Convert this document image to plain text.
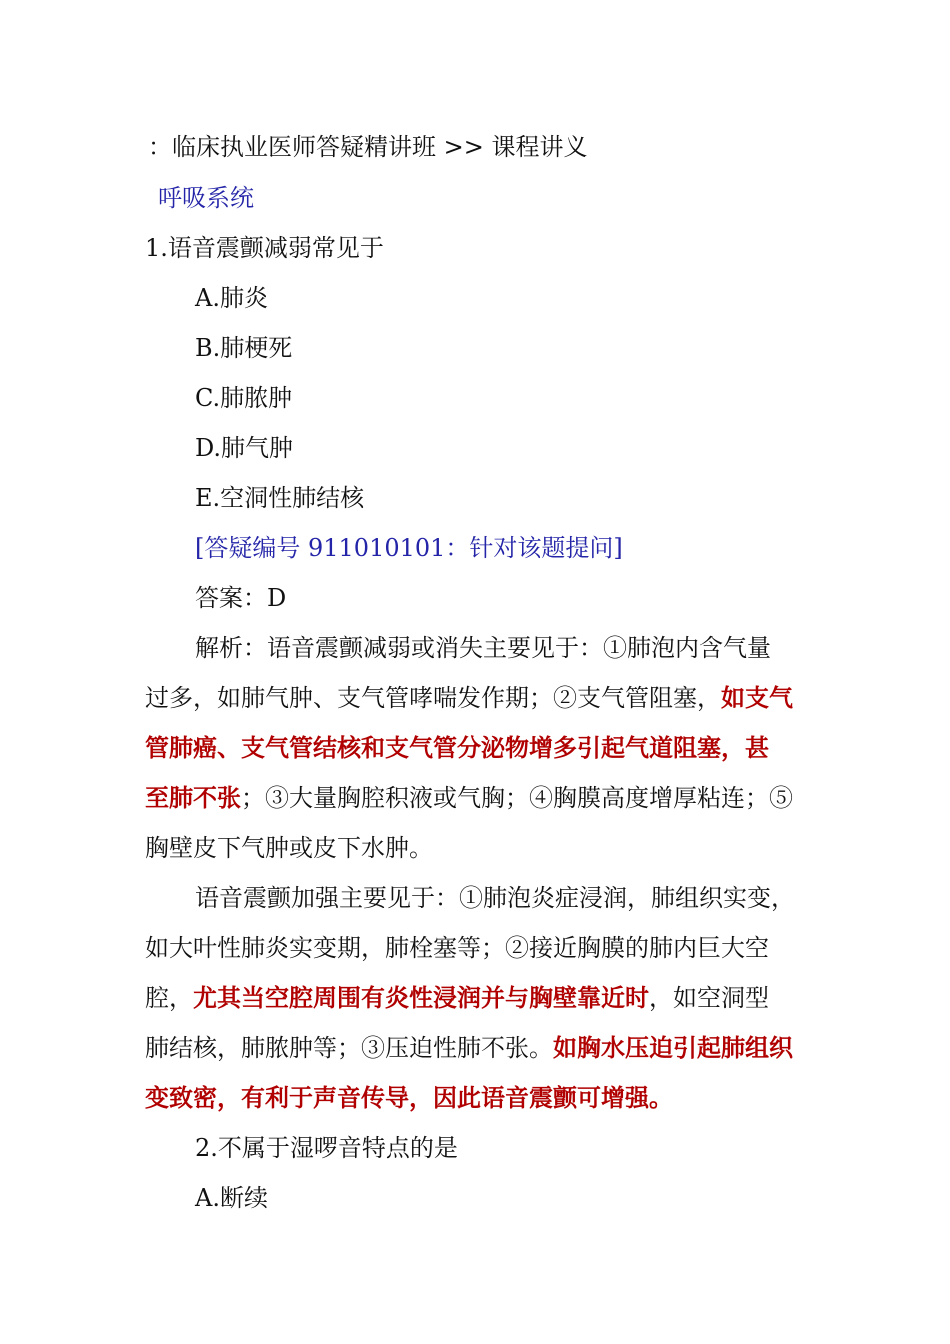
：临床执业医师答疑精讲班 >> 课程讲义
呼吸系统
1.语音震颤减弱常见于
A.肺炎
B.肺梗死
C.肺脓肿
D.肺气肿
E.空洞性肺结核
[答疑编号 911010101：针对该题提问]
答案：D
解析：语音震颤减弱或消失主要见于：①肺泡内含气量
过多，如肺气肿、支气管哮喘发作期；②支气管阻塞，如支气
管肺癌、支气管结核和支气管分泌物增多引起气道阻塞，甚
至肺不张；③大量胸腔积液或气胸；④胸膜高度增厚粘连；⑤
胸壁皮下气肿或皮下水肿。
语音震颤加强主要见于：①肺泡炎症浸润，肺组织实变，
如大叶性肺炎实变期，肺栓塞等；②接近胸膜的肺内巨大空
腔，尤其当空腔周围有炎性浸润并与胸壁靠近时，如空洞型
肺结核，肺脓肿等；③压迫性肺不张。如胸水压迫引起肺组织
变致密，有利于声音传导，因此语音震颤可增强。
2.不属于湿啰音特点的是
A.断续
